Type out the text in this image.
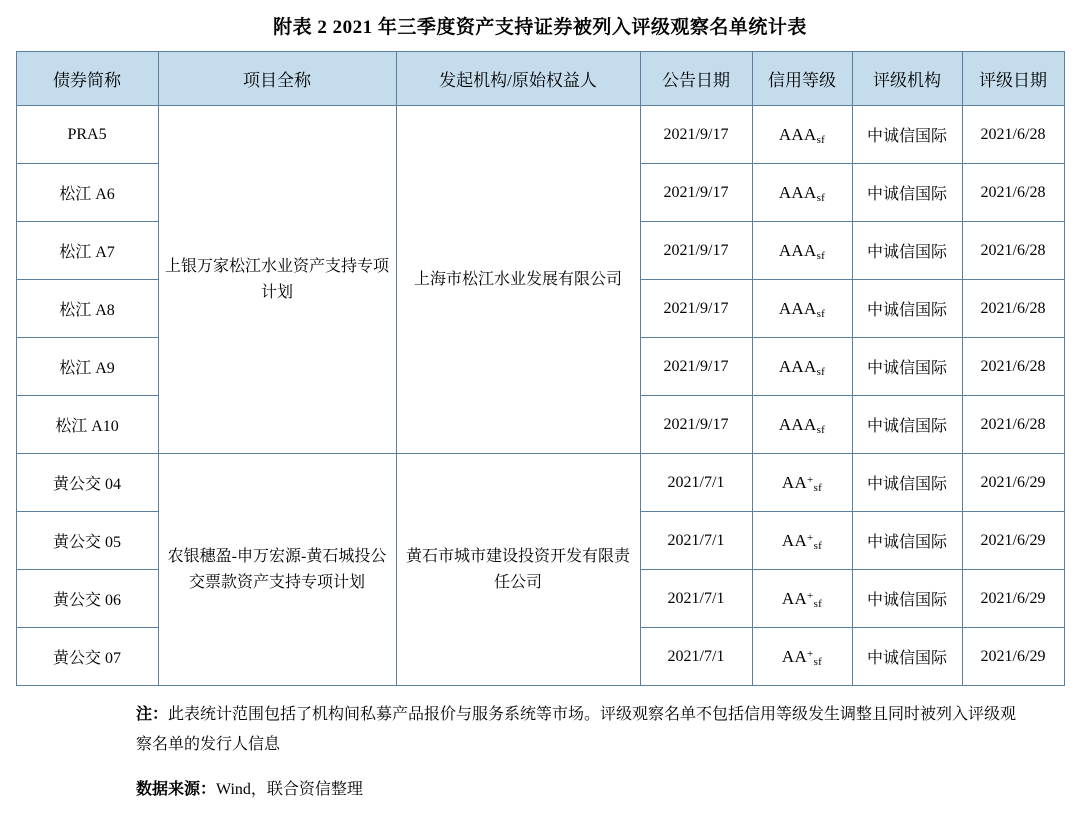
附表 2 2021 年三季度资产支持证券被列入评级观察名单统计表
债券简称	项目全称	发起机构/原始权益人	公告日期	信用等级	评级机构	评级日期
PRA5	上银万家松江水业资产支持专项计划	上海市松江水业发展有限公司	2021/9/17	$AAA_{sf}$	中诚信国际	2021/6/28
松江 A6			2021/9/17	$AAA_{sf}$	中诚信国际	2021/6/28
松江 A7			2021/9/17	$AAA_{sf}$	中诚信国际	2021/6/28
松江 A8			2021/9/17	$AAA_{sf}$	中诚信国际	2021/6/28
松江 A9			2021/9/17	$AAA_{sf}$	中诚信国际	2021/6/28
松江 A10			2021/9/17	$AAA_{sf}$	中诚信国际	2021/6/28
黄公交 04	农银穗盈-申万宏源-黄石城投公交票款资产支持专项计划	黄石市城市建设投资开发有限责任公司	2021/7/1	$AA^+_{sf}$	中诚信国际	2021/6/29
黄公交 05			2021/7/1	$AA^+_{sf}$	中诚信国际	2021/6/29
黄公交 06			2021/7/1	$AA^+_{sf}$	中诚信国际	2021/6/29
黄公交 07			2021/7/1	$AA^+_{sf}$	中诚信国际	2021/6/29
注：此表统计范围包括了机构间私募产品报价与服务系统等市场。评级观察名单不包括信用等级发生调整且同时被列入评级观察名单的发行人信息
数据来源：Wind，联合资信整理
